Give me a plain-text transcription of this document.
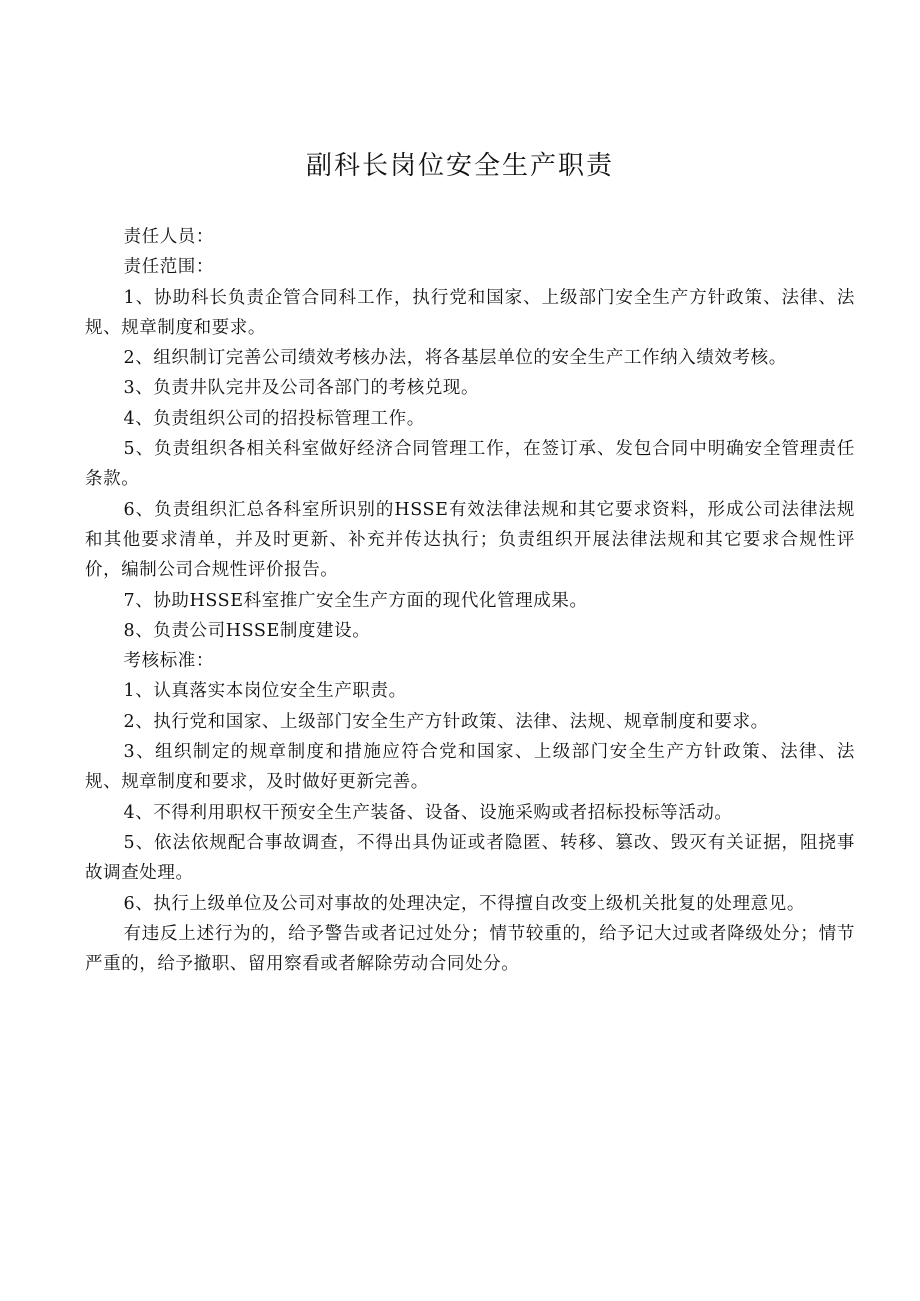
副科长岗位安全生产职责

责任人员：

责任范围：

1、协助科长负责企管合同科工作，执行党和国家、上级部门安全生产方针政策、法律、法规、规章制度和要求。

2、组织制订完善公司绩效考核办法，将各基层单位的安全生产工作纳入绩效考核。

3、负责井队完井及公司各部门的考核兑现。

4、负责组织公司的招投标管理工作。

5、负责组织各相关科室做好经济合同管理工作，在签订承、发包合同中明确安全管理责任条款。

6、负责组织汇总各科室所识别的HSSE有效法律法规和其它要求资料，形成公司法律法规和其他要求清单，并及时更新、补充并传达执行；负责组织开展法律法规和其它要求合规性评价，编制公司合规性评价报告。

7、协助HSSE科室推广安全生产方面的现代化管理成果。

8、负责公司HSSE制度建设。

考核标准：

1、认真落实本岗位安全生产职责。

2、执行党和国家、上级部门安全生产方针政策、法律、法规、规章制度和要求。

3、组织制定的规章制度和措施应符合党和国家、上级部门安全生产方针政策、法律、法规、规章制度和要求，及时做好更新完善。

4、不得利用职权干预安全生产装备、设备、设施采购或者招标投标等活动。

5、依法依规配合事故调查，不得出具伪证或者隐匿、转移、篡改、毁灭有关证据，阻挠事故调查处理。

6、执行上级单位及公司对事故的处理决定，不得擅自改变上级机关批复的处理意见。

有违反上述行为的，给予警告或者记过处分；情节较重的，给予记大过或者降级处分；情节严重的，给予撤职、留用察看或者解除劳动合同处分。
